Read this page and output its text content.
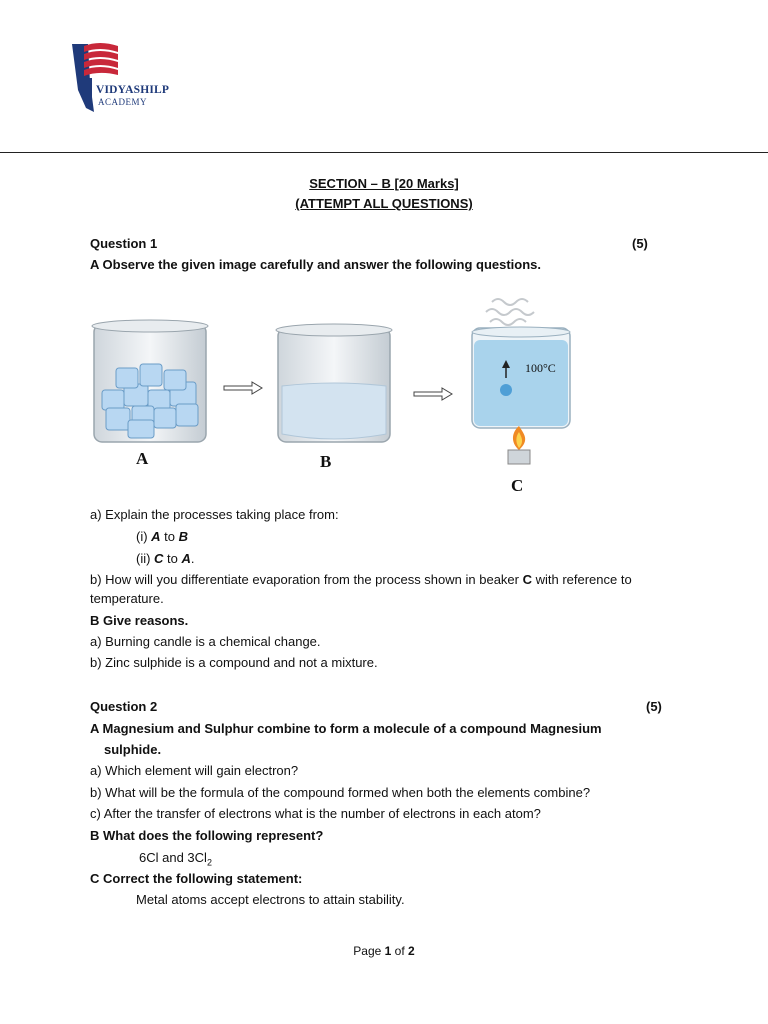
VIDYASHILP
ACADEMY
SECTION – B [20 Marks]
(ATTEMPT ALL QUESTIONS)
Question 1	(5)
A Observe the given image carefully and answer the following questions.
A	B
C
100°C
a) Explain the processes taking place from:
(i) A to B
(ii) C to A.
b) How will you differentiate evaporation from the process shown in beaker C with reference to
temperature.
B Give reasons.
a) Burning candle is a chemical change.
b) Zinc sulphide is a compound and not a mixture.
Question 2	(5)
A Magnesium and Sulphur combine to form a molecule of a compound Magnesium
sulphide.
a) Which element will gain electron?
b) What will be the formula of the compound formed when both the elements combine?
c) After the transfer of electrons what is the number of electrons in each atom?
B What does the following represent?
6Cl and $3Cl_2$
C Correct the following statement:
Metal atoms accept electrons to attain stability.
Page 1 of 2
